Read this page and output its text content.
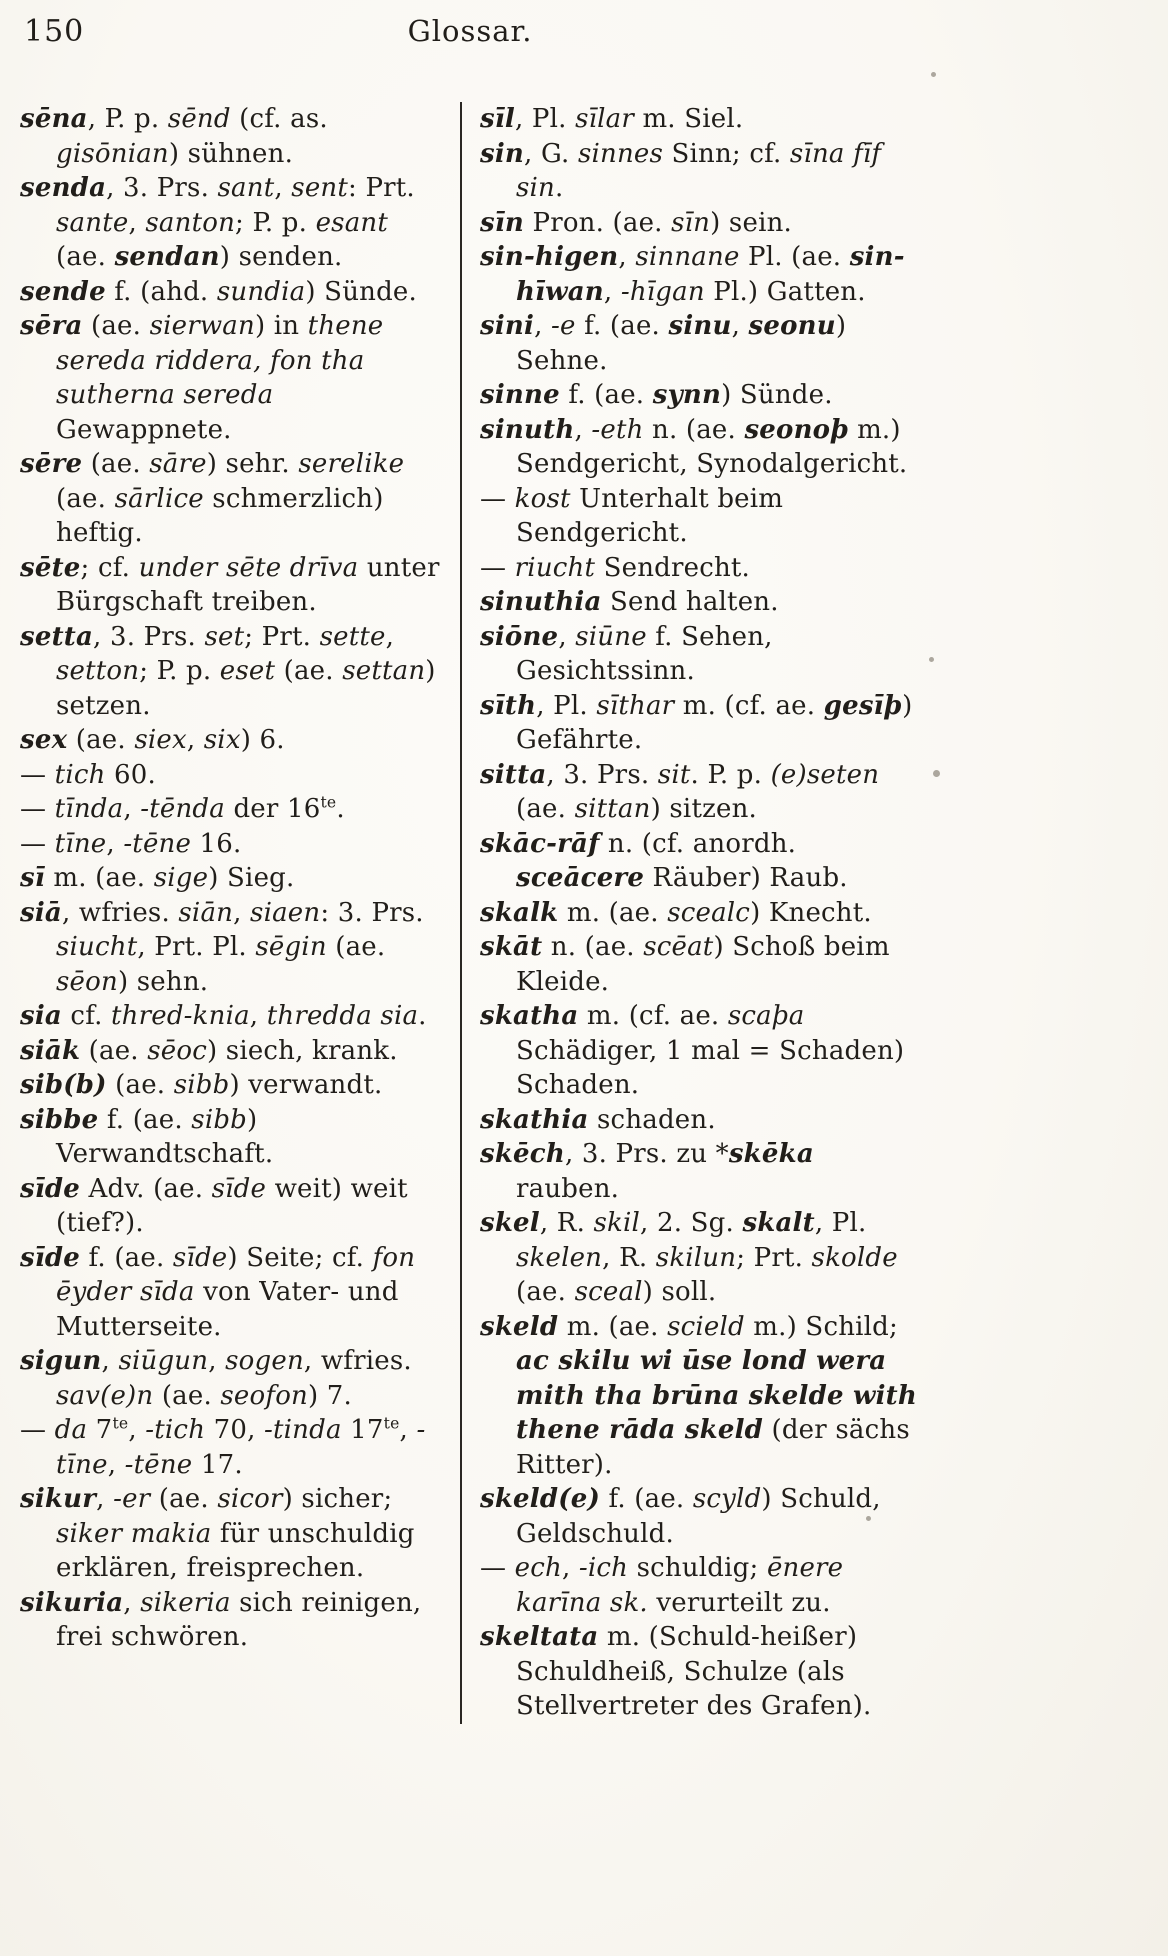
150	Glossar.

sēna, P. p. sēnd (cf. as. gisōnian) sühnen.

senda, 3. Prs. sant, sent: Prt. sante, santon; P. p. esant (ae. sendan) senden.

sende f. (ahd. sundia) Sünde.

sēra (ae. sierwan) in thene sereda riddera, fon tha sutherna sereda Gewappnete.

sēre (ae. sāre) sehr. serelike (ae. sārlice schmerzlich) heftig.

sēte; cf. under sēte drīva unter Bürgschaft treiben.

setta, 3. Prs. set; Prt. sette, setton; P. p. eset (ae. settan) setzen.

sex (ae. siex, six) 6.

— tich 60.

— tīnda, -tēnda der $16^{te}$.

— tīne, -tēne 16.

sī m. (ae. sige) Sieg.

siā, wfries. siān, siaen: 3. Prs. siucht, Prt. Pl. sēgin (ae. sēon) sehn.

sia cf. thred-knia, thredda sia.

siāk (ae. sēoc) siech, krank.

sib(b) (ae. sibb) verwandt.

sibbe f. (ae. sibb) Verwandtschaft.

sīde Adv. (ae. sīde weit) weit (tief?).

sīde f. (ae. sīde) Seite; cf. fon ēyder sīda von Vater- und Mutterseite.

sigun, siūgun, sogen, wfries. sav(e)n (ae. seofon) 7.

— da $7^{te}$, -tich 70, -tinda $17^{te}$, -tīne, -tēne 17.

sikur, -er (ae. sicor) sicher; siker makia für unschuldig erklären, freisprechen.

sikuria, sikeria sich reinigen, frei schwören.

sīl, Pl. sīlar m. Siel.

sin, G. sinnes Sinn; cf. sīna fīf sin.

sīn Pron. (ae. sīn) sein.

sin-higen, sinnane Pl. (ae. sin-hīwan, -hīgan Pl.) Gatten.

sini, -e f. (ae. sinu, seonu) Sehne.

sinne f. (ae. synn) Sünde.

sinuth, -eth n. (ae. seonoþ m.) Sendgericht, Synodalgericht.

— kost Unterhalt beim Sendgericht.

— riucht Sendrecht.

sinuthia Send halten.

siōne, siūne f. Sehen, Gesichtssinn.

sīth, Pl. sīthar m. (cf. ae. gesīþ) Gefährte.

sitta, 3. Prs. sit. P. p. (e)seten (ae. sittan) sitzen.

skāc-rāf n. (cf. anordh. sceācere Räuber) Raub.

skalk m. (ae. scealc) Knecht.

skāt n. (ae. scēat) Schoß beim Kleide.

skatha m. (cf. ae. scaþa Schädiger, 1 mal = Schaden) Schaden.

skathia schaden.

skēch, 3. Prs. zu *skēka rauben.

skel, R. skil, 2. Sg. skalt, Pl. skelen, R. skilun; Prt. skolde (ae. sceal) soll.

skeld m. (ae. scield m.) Schild; ac skilu wi ūse lond wera mith tha brūna skelde with thene rāda skeld (der sächs Ritter).

skeld(e) f. (ae. scyld) Schuld, Geldschuld.

— ech, -ich schuldig; ēnere karīna sk. verurteilt zu.

skeltata m. (Schuld-heißer) Schuldheiß, Schulze (als Stellvertreter des Grafen).
